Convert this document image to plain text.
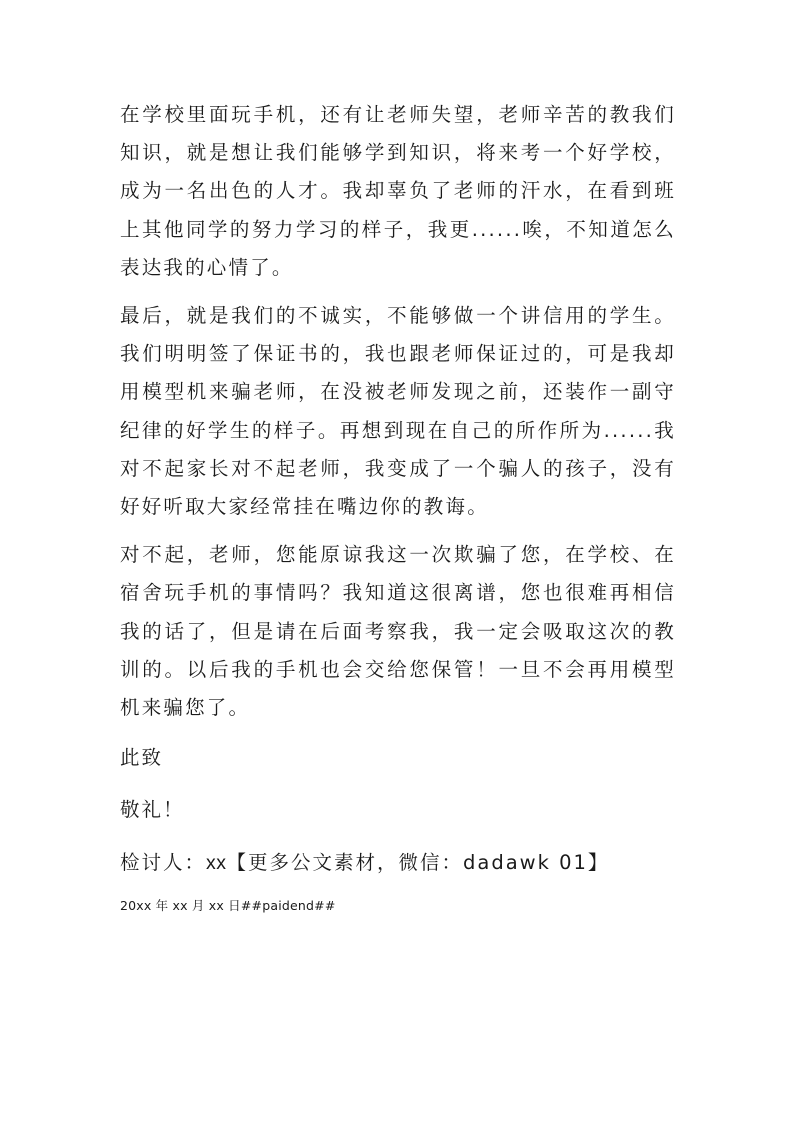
在学校里面玩手机，还有让老师失望，老师辛苦的教我们知识，就是想让我们能够学到知识，将来考一个好学校，成为一名出色的人才。我却辜负了老师的汗水，在看到班上其他同学的努力学习的样子，我更......唉，不知道怎么表达我的心情了。

最后，就是我们的不诚实，不能够做一个讲信用的学生。我们明明签了保证书的，我也跟老师保证过的，可是我却用模型机来骗老师，在没被老师发现之前，还装作一副守纪律的好学生的样子。再想到现在自己的所作所为......我对不起家长对不起老师，我变成了一个骗人的孩子，没有好好听取大家经常挂在嘴边你的教诲。

对不起，老师，您能原谅我这一次欺骗了您，在学校、在宿舍玩手机的事情吗？我知道这很离谱，您也很难再相信我的话了，但是请在后面考察我，我一定会吸取这次的教训的。以后我的手机也会交给您保管！一旦不会再用模型机来骗您了。

此致

敬礼！

检讨人：xx【更多公文素材，微信：dadawk 01】

20xx 年 xx 月 xx 日##paidend##
